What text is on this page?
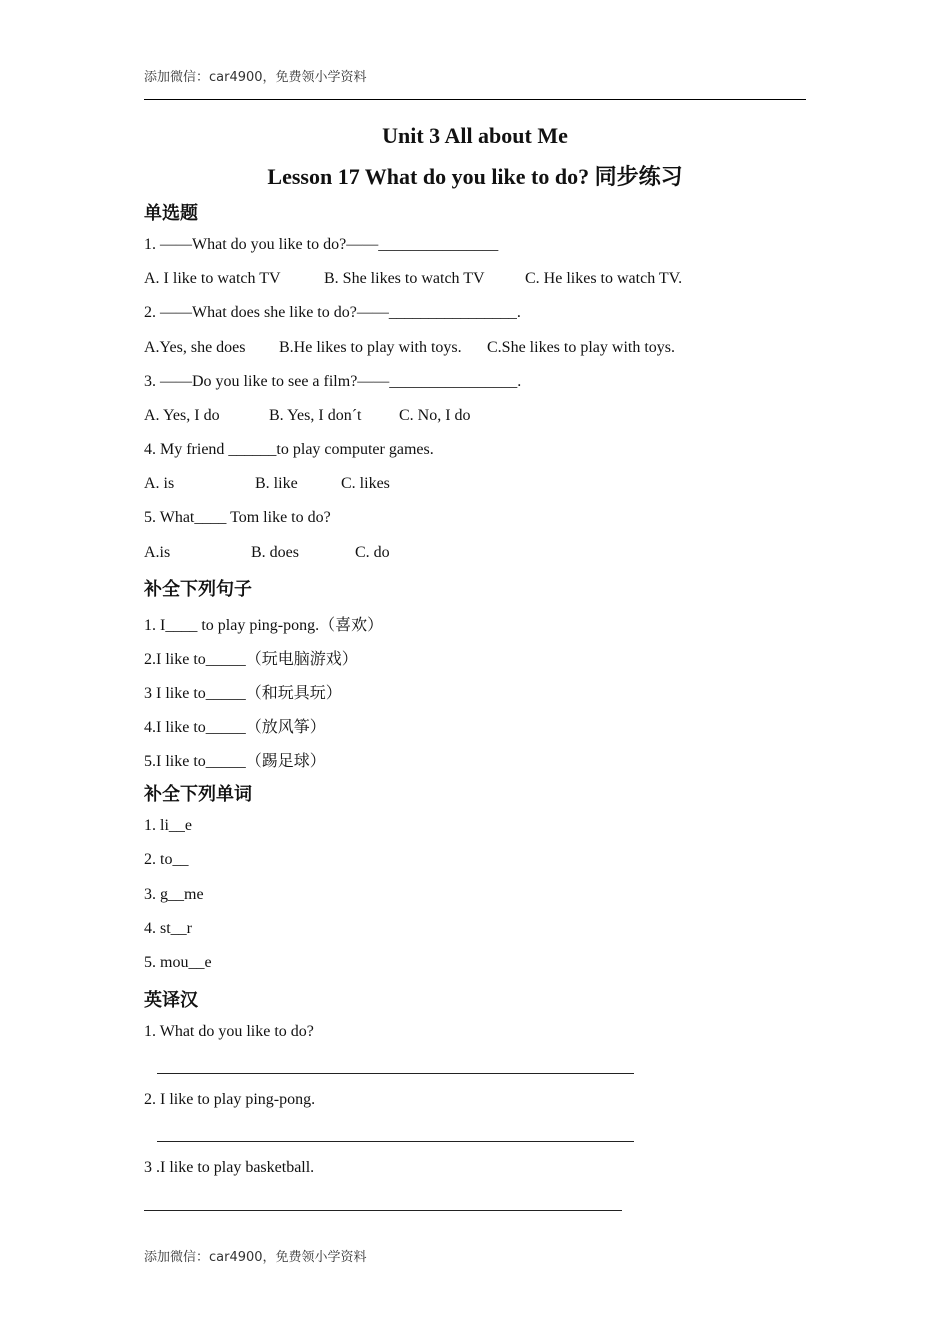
添加微信：car4900，免费领小学资料
Unit 3 All about Me
Lesson 17 What do you like to do? 同步练习
单选题
1. ——What do you like to do?——_______________
A. I like to watch TV	B. She likes to watch TV	C. He likes to watch TV.
2. ——What does she like to do?——________________.
A.Yes, she does B.He likes to play with toys. C.She likes to play with toys.
3. ——Do you like to see a film?——________________.
A. Yes, I do	B. Yes, I don´t C. No, I do
4. My friend ______to play computer games.
A. is	B. like	C. likes
5. What____ Tom like to do?
A.is	B. does	C. do
补全下列句子
1. I____ to play ping-pong.（喜欢）
2.I like to_____（玩电脑游戏）
3 I like to_____（和玩具玩）
4.I like to_____（放风筝）
5.I like to_____（踢足球）
补全下列单词
1. li__e
2. to__
3. g__me
4. st__r
5. mou__e
英译汉
1. What do you like to do?
2. I like to play ping-pong.
3 .I like to play basketball.
添加微信：car4900，免费领小学资料
